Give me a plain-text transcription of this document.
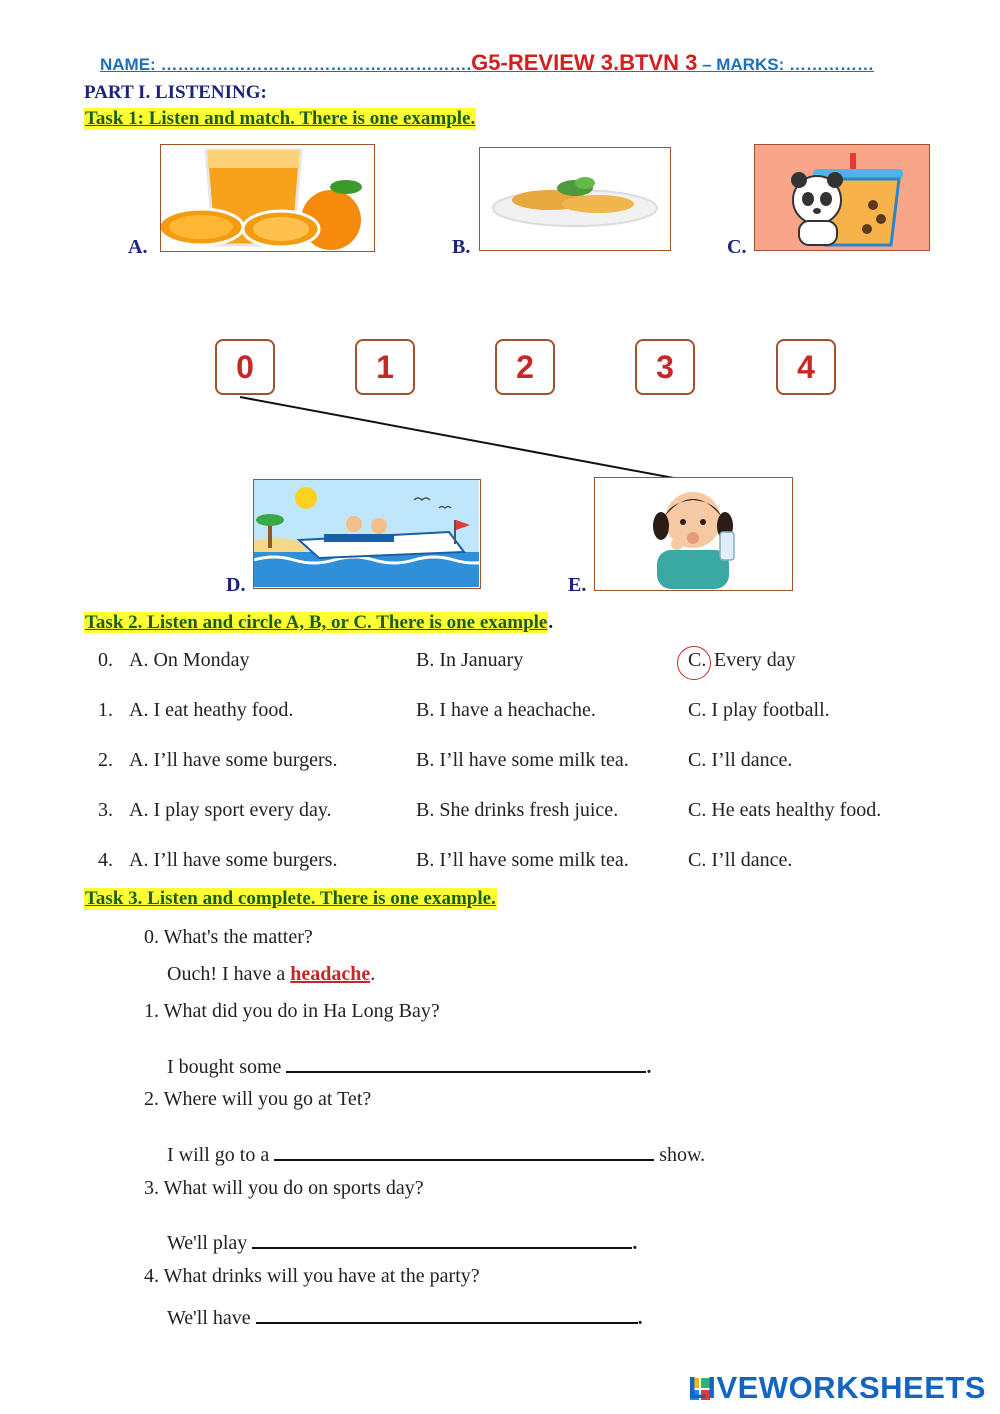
NAME: ……………………………………………….G5-REVIEW 3.BTVN 3 – MARKS: ……………
PART I. LISTENING:
Task 1: Listen and match. There is one example.
A.	B.	C.
0	1	2	3	4
D.	E.
Task 2. Listen and circle A, B, or C. There is one example.
0. A. On Monday	B. In January	C. Every day
1. A. I eat heathy food.	B. I have a heachache.	C. I play football.
2. A. I’ll have some burgers.	B. I’ll have some milk tea.	C. I’ll dance.
3. A. I play sport every day.	B. She drinks fresh juice.	C. He eats healthy food.
4. A. I’ll have some burgers.	B. I’ll have some milk tea.	C. I’ll dance.
Task 3. Listen and complete. There is one example.
0. What's the matter?
Ouch! I have a headache.
1. What did you do in Ha Long Bay?
I bought some	.
2. Where will you go at Tet?
I will go to a	show.
3. What will you do on sports day?
We'll play	.
4. What drinks will you have at the party?
We'll have	.
LIVEWORKSHEETS
